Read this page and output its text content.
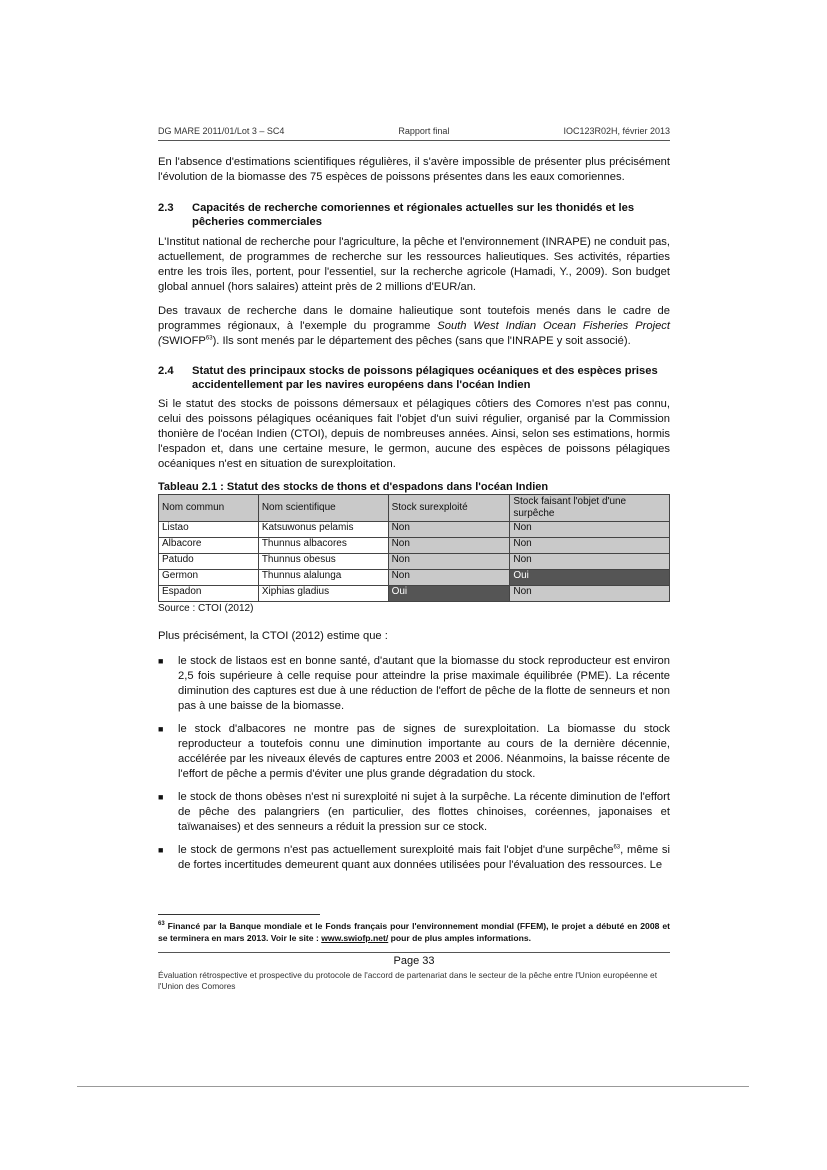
DG MARE 2011/01/Lot 3 – SC4	Rapport final	IOC123R02H, février 2013

En l'absence d'estimations scientifiques régulières, il s'avère impossible de présenter plus précisément l'évolution de la biomasse des 75 espèces de poissons présentes dans les eaux comoriennes.

2.3	Capacités de recherche comoriennes et régionales actuelles sur les thonidés et les pêcheries commerciales

L'Institut national de recherche pour l'agriculture, la pêche et l'environnement (INRAPE) ne conduit pas, actuellement, de programmes de recherche sur les ressources halieutiques. Ses activités, réparties entre les trois îles, portent, pour l'essentiel, sur la recherche agricole (Hamadi, Y., 2009). Son budget global annuel (hors salaires) atteint près de 2 millions d'EUR/an.

Des travaux de recherche dans le domaine halieutique sont toutefois menés dans le cadre de programmes régionaux, à l'exemple du programme South West Indian Ocean Fisheries Project (SWIOFP$^{63}$). Ils sont menés par le département des pêches (sans que l'INRAPE y soit associé).

2.4	Statut des principaux stocks de poissons pélagiques océaniques et des espèces prises accidentellement par les navires européens dans l'océan Indien

Si le statut des stocks de poissons démersaux et pélagiques côtiers des Comores n'est pas connu, celui des poissons pélagiques océaniques fait l'objet d'un suivi régulier, organisé par la Commission thonière de l'océan Indien (CTOI), depuis de nombreuses années. Ainsi, selon ses estimations, hormis l'espadon et, dans une certaine mesure, le germon, aucune des espèces de poissons pélagiques océaniques n'est en situation de surexploitation.

Tableau 2.1 : Statut des stocks de thons et d'espadons dans l'océan Indien
Nom commun	Nom scientifique	Stock surexploité	Stock faisant l'objet d'une surpêche
Listao	Katsuwonus pelamis	Non	Non
Albacore	Thunnus albacores	Non	Non
Patudo	Thunnus obesus	Non	Non
Germon	Thunnus alalunga	Non	Oui
Espadon	Xiphias gladius	Oui	Non
Source : CTOI (2012)

Plus précisément, la CTOI (2012) estime que :

■	le stock de listaos est en bonne santé, d'autant que la biomasse du stock reproducteur est environ 2,5 fois supérieure à celle requise pour atteindre la prise maximale équilibrée (PME). La récente diminution des captures est due à une réduction de l'effort de pêche de la flotte de senneurs et non pas à une baisse de la biomasse.

■	le stock d'albacores ne montre pas de signes de surexploitation. La biomasse du stock reproducteur a toutefois connu une diminution importante au cours de la dernière décennie, accélérée par les niveaux élevés de captures entre 2003 et 2006. Néanmoins, la baisse récente de l'effort de pêche a permis d'éviter une plus grande dégradation du stock.

■	le stock de thons obèses n'est ni surexploité ni sujet à la surpêche. La récente diminution de l'effort de pêche des palangriers (en particulier, des flottes chinoises, coréennes, japonaises et taïwanaises) et des senneurs a réduit la pression sur ce stock.

■	le stock de germons n'est pas actuellement surexploité mais fait l'objet d'une surpêche$^{63}$, même si de fortes incertitudes demeurent quant aux données utilisées pour l'évaluation des ressources. Le

$^{63}$ Financé par la Banque mondiale et le Fonds français pour l'environnement mondial (FFEM), le projet a débuté en 2008 et se terminera en mars 2013. Voir le site : www.swiofp.net/ pour de plus amples informations.

Page 33
Évaluation rétrospective et prospective du protocole de l'accord de partenariat dans le secteur de la pêche entre l'Union européenne et l'Union des Comores
